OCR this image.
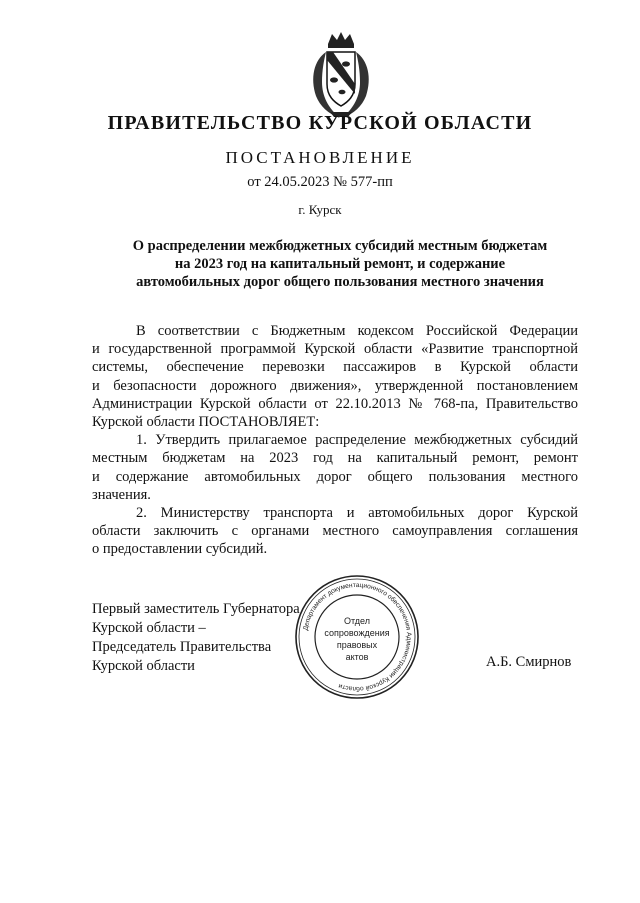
ПРАВИТЕЛЬСТВО КУРСКОЙ ОБЛАСТИ
ПОСТАНОВЛЕНИЕ
от 24.05.2023 № 577-пп
г. Курск
О распределении межбюджетных субсидий местным бюджетам
на 2023 год на капитальный ремонт, и содержание
автомобильных дорог общего пользования местного значения
В соответствии с Бюджетным кодексом Российской Федерации
и государственной программой Курской области «Развитие транспортной
системы, обеспечение перевозки пассажиров в Курской области
и безопасности дорожного движения», утвержденной постановлением
Администрации Курской области от 22.10.2013 № 768-па, Правительство
Курской области ПОСТАНОВЛЯЕТ:
1. Утвердить прилагаемое распределение межбюджетных субсидий
местным бюджетам на 2023 год на капитальный ремонт, ремонт
и содержание автомобильных дорог общего пользования местного
значения.
2. Министерству транспорта и автомобильных дорог Курской
области заключить с органами местного самоуправления соглашения
о предоставлении субсидий.
Первый заместитель Губернатора
Курской области –
Председатель Правительства
Курской области	А.Б. Смирнов
Департамент документационного обеспечения Администрации Курской области
Отдел
сопровождения
правовых
актов
